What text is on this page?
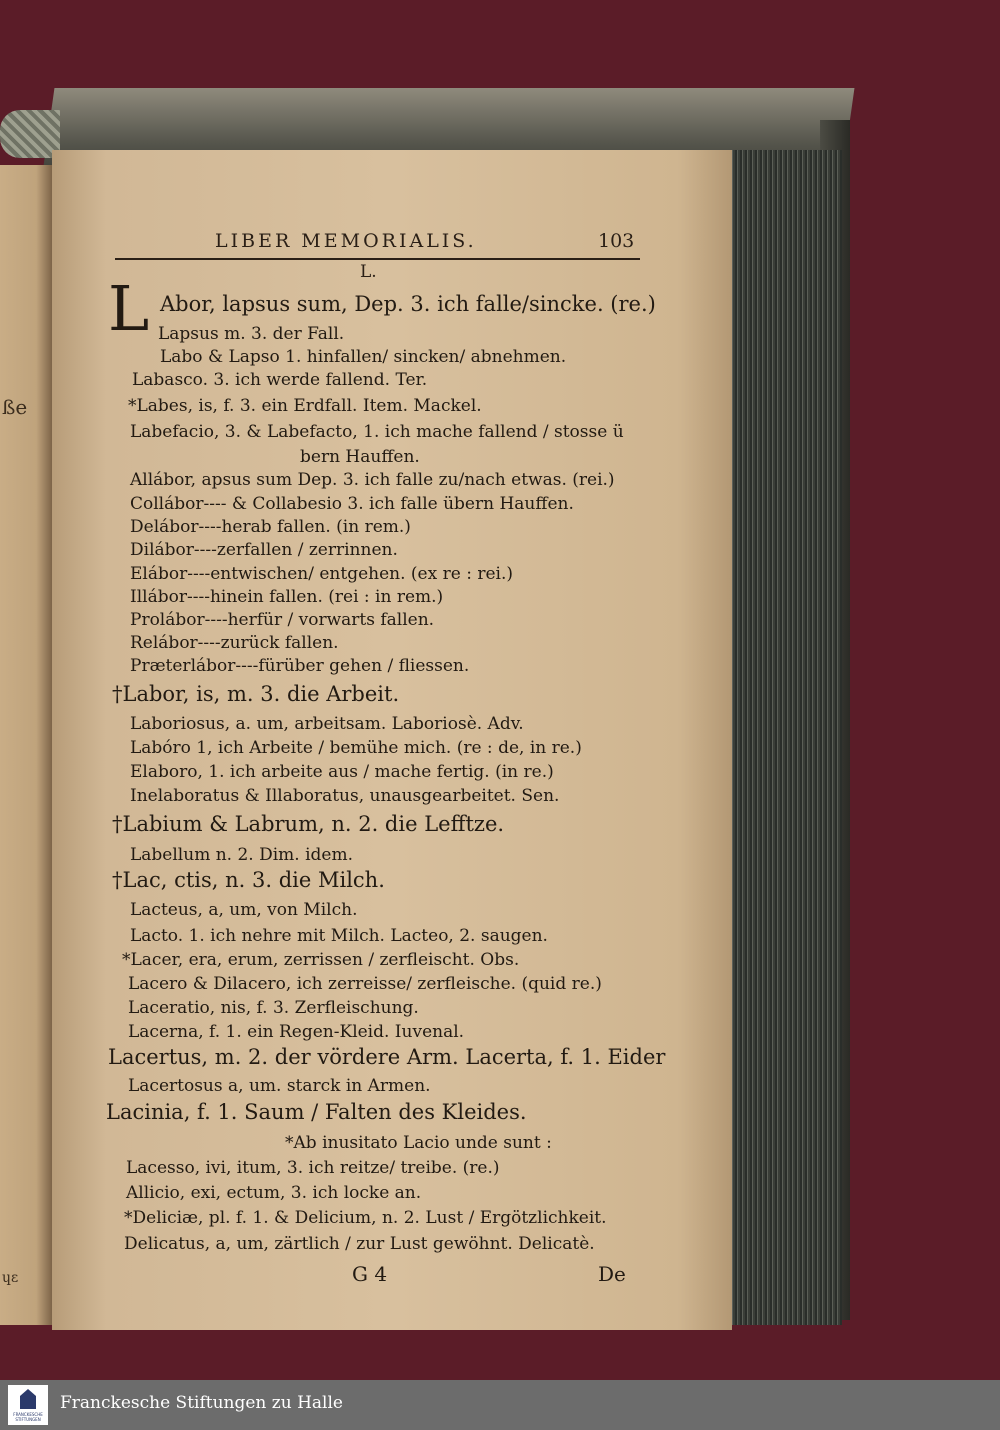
ße
ɥɛ
LIBER MEMORIALIS.	103
L.
L Abor, lapsus sum, Dep. 3. ich falle/sincke. (re.)
Lapsus m. 3. der Fall.
Labo & Lapso 1. hinfallen/ sincken/ abnehmen.
Labasco. 3. ich werde fallend. Ter.
*Labes, is, f. 3. ein Erdfall. Item. Mackel.
Labefacio, 3. & Labefacto, 1. ich mache fallend / stosse ü
bern Hauffen.
Allábor, apsus sum Dep. 3. ich falle zu/nach etwas. (rei.)
Collábor---- & Collabesio 3. ich falle übern Hauffen.
Delábor----herab fallen. (in rem.)
Dilábor----zerfallen / zerrinnen.
Elábor----entwischen/ entgehen. (ex re : rei.)
Illábor----hinein fallen. (rei : in rem.)
Prolábor----herfür / vorwarts fallen.
Relábor----zurück fallen.
Prӕterlábor----fürüber gehen / fliessen.
†Labor, is, m. 3. die Arbeit.
Laboriosus, a. um, arbeitsam. Laboriosè. Adv.
Labóro 1, ich Arbeite / bemühe mich. (re : de, in re.)
Elaboro, 1. ich arbeite aus / mache fertig. (in re.)
Inelaboratus & Illaboratus, unausgearbeitet. Sen.
†Labium & Labrum, n. 2. die Lefftze.
Labellum n. 2. Dim. idem.
†Lac, ctis, n. 3. die Milch.
Lacteus, a, um, von Milch.
Lacto. 1. ich nehre mit Milch. Lacteo, 2. saugen.
*Lacer, era, erum, zerrissen / zerfleischt. Obs.
Lacero & Dilacero, ich zerreisse/ zerfleische. (quid re.)
Laceratio, nis, f. 3. Zerfleischung.
Lacerna, f. 1. ein Regen-Kleid. Iuvenal.
Lacertus, m. 2. der vördere Arm. Lacerta, f. 1. Eider
Lacertosus a, um. starck in Armen.
Lacinia, f. 1. Saum / Falten des Kleides.
*Ab inusitato Lacio unde sunt :
Lacesso, ivi, itum, 3. ich reitze/ treibe. (re.)
Allicio, exi, ectum, 3. ich locke an.
*Deliciӕ, pl. f. 1. & Delicium, n. 2. Lust / Ergötzlichkeit.
Delicatus, a, um, zärtlich / zur Lust gewöhnt. Delicatè.
G 4	De
FRANCKESCHE STIFTUNGEN
Franckesche Stiftungen zu Halle
